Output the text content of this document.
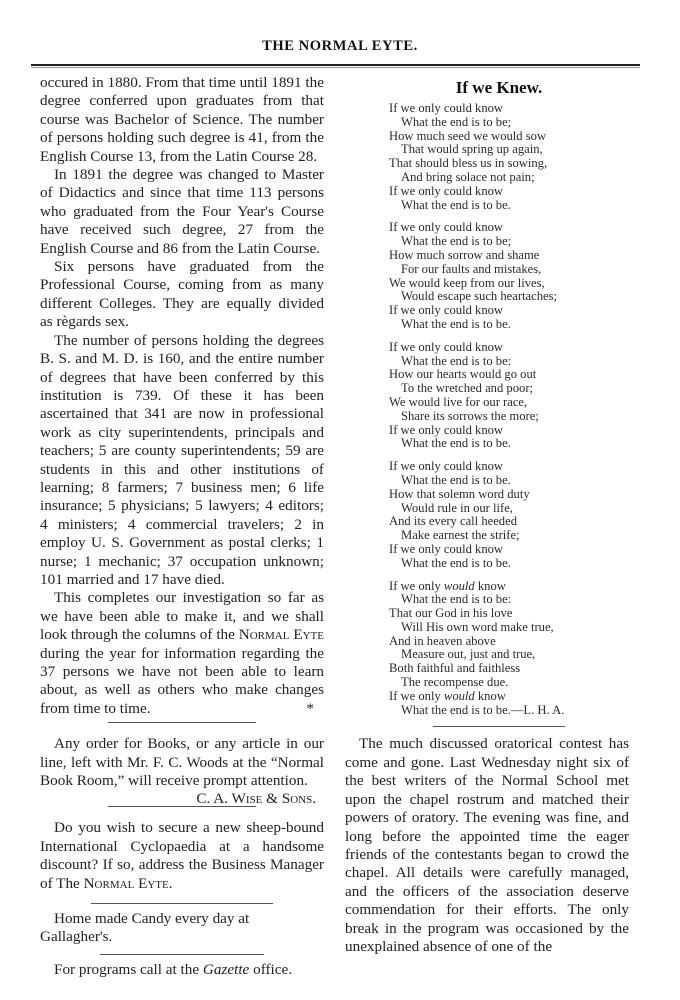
THE NORMAL EYTE.

occured in 1880. From that time until 1891 the degree conferred upon graduates from that course was Bachelor of Science. The number of persons holding such degree is 41, from the English Course 13, from the Latin Course 28.

In 1891 the degree was changed to Master of Didactics and since that time 113 persons who graduated from the Four Year's Course have received such degree, 27 from the English Course and 86 from the Latin Course.

Six persons have graduated from the Professional Course, coming from as many different Colleges. They are equally divided as règards sex.

The number of persons holding the degrees B. S. and M. D. is 160, and the entire number of degrees that have been conferred by this institution is 739. Of these it has been ascertained that 341 are now in professional work as city superintendents, principals and teachers; 5 are county superintendents; 59 are students in this and other institutions of learning; 8 farmers; 7 business men; 6 life insurance; 5 physicians; 5 lawyers; 4 editors; 4 ministers; 4 commercial travelers; 2 in employ U. S. Government as postal clerks; 1 nurse; 1 mechanic; 37 occupation unknown; 101 married and 17 have died.

This completes our investigation so far as we have been able to make it, and we shall look through the columns of the Normal Eyte during the year for information regarding the 37 persons we have not been able to learn about, as well as others who make changes from time to time.	*

Any order for Books, or any article in our line, left with Mr. F. C. Woods at the “Normal Book Room,” will receive prompt attention.
C. A. Wise & Sons.

Do you wish to secure a new sheep-bound International Cyclopaedia at a handsome discount? If so, address the Business Manager of The Normal Eyte.

Home made Candy every day at Gallagher's.

For programs call at the Gazette office.

If we Knew.
If we only could know
What the end is to be;
How much seed we would sow
That would spring up again,
That should bless us in sowing,
And bring solace not pain;
If we only could know
What the end is to be.
If we only could know
What the end is to be;
How much sorrow and shame
For our faults and mistakes,
We would keep from our lives,
Would escape such heartaches;
If we only could know
What the end is to be.
If we only could know
What the end is to be:
How our hearts would go out
To the wretched and poor;
We would live for our race,
Share its sorrows the more;
If we only could know
What the end is to be.
If we only could know
What the end is to be.
How that solemn word duty
Would rule in our life,
And its every call heeded
Make earnest the strife;
If we only could know
What the end is to be.
If we only would know
What the end is to be:
That our God in his love
Will His own word make true,
And in heaven above
Measure out, just and true,
Both faithful and faithless
The recompense due.
If we only would know
What the end is to be.—L. H. A.

The much discussed oratorical contest has come and gone. Last Wednesday night six of the best writers of the Normal School met upon the chapel rostrum and matched their powers of oratory. The evening was fine, and long before the appointed time the eager friends of the contestants began to crowd the chapel. All details were carefully managed, and the officers of the association deserve commendation for their efforts. The only break in the program was occasioned by the unexplained absence of one of the
